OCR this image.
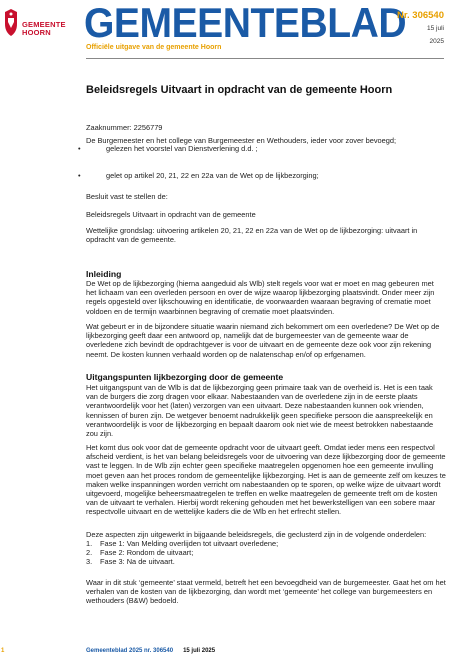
GEMEENTE
HOORN GEMEENTEBLAD
Officiële uitgave van de gemeente Hoorn
Nr. 306540
15 juli
2025
Beleidsregels Uitvaart in opdracht van de gemeente Hoorn

Zaaknummer: 2256779

De Burgemeester en het college van Burgemeester en Wethouders, ieder voor zover bevoegd;

•	gelezen het voorstel van Dienstverlening d.d. ;

•	gelet op artikel 20, 21, 22 en 22a van de Wet op de lijkbezorging;

Besluit vast te stellen de:

Beleidsregels Uitvaart in opdracht van de gemeente

Wettelijke grondslag: uitvoering artikelen 20, 21, 22 en 22a van de Wet op de lijkbezorging: uitvaart in opdracht van de gemeente.

Inleiding

De Wet op de lijkbezorging (hierna aangeduid als Wlb) stelt regels voor wat er moet en mag gebeuren met het lichaam van een overleden persoon en over de wijze waarop lijkbezorging plaatsvindt. Onder meer zijn regels opgesteld over lijkschouwing en identificatie, de voorwaarden waaraan begraving of crematie moet voldoen en de termijn waarbinnen begraving of crematie moet plaatsvinden.

Wat gebeurt er in de bijzondere situatie waarin niemand zich bekommert om een overledene? De Wet op de lijkbezorging geeft daar een antwoord op, namelijk dat de burgemeester van de gemeente waar de overledene zich bevindt de opdrachtgever is voor de uitvaart en de gemeente deze ook voor zijn rekening neemt. De kosten kunnen verhaald worden op de nalatenschap en/of op erfgenamen.

Uitgangspunten lijkbezorging door de gemeente

Het uitgangspunt van de Wlb is dat de lijkbezorging geen primaire taak van de overheid is. Het is een taak van de burgers die zorg dragen voor elkaar. Nabestaanden van de overledene zijn in de eerste plaats verantwoordelijk voor het (laten) verzorgen van een uitvaart. Deze nabestaanden kunnen ook vrienden, kennissen of buren zijn. De wetgever benoemt nadrukkelijk geen specifieke persoon die aanspreekelijk en verantwoordelijk is voor de lijkbezorging en bepaalt daarom ook niet wie de meest betrokken nabestaande zou zijn.

Het komt dus ook voor dat de gemeente opdracht voor de uitvaart geeft. Omdat ieder mens een respectvol afscheid verdient, is het van belang beleidsregels voor de uitvoering van deze lijkbezorging door de gemeente vast te leggen. In de Wlb zijn echter geen specifieke maatregelen opgenomen hoe een gemeente invulling moet geven aan het proces rondom de gemeentelijke lijkbezorging. Het is aan de gemeente zelf om keuzes te maken welke inspanningen worden verricht om nabestaanden op te sporen, op welke wijze de uitvaart wordt uitgevoerd, mogelijke beheersmaatregelen te treffen en welke maatregelen de gemeente treft om de kosten van de uitvaart te verhalen. Hierbij wordt rekening gehouden met het bewerkstelligen van een sobere maar respectvolle uitvaart en de wettelijke kaders die de Wlb en het erfrecht stellen.

Deze aspecten zijn uitgewerkt in bijgaande beleidsregels, die geclusterd zijn in de volgende onderdelen:

1. Fase 1: Van Melding overlijden tot uitvaart overledene;
2. Fase 2: Rondom de uitvaart;
3. Fase 3: Na de uitvaart.

Waar in dit stuk ‘gemeente’ staat vermeld, betreft het een bevoegdheid van de burgemeester. Gaat het om het verhalen van de kosten van de lijkbezorging, dan wordt met ‘gemeente’ het college van burgemeesters en wethouders (B&W) bedoeld.

1	Gemeenteblad 2025 nr. 306540 15 juli 2025
